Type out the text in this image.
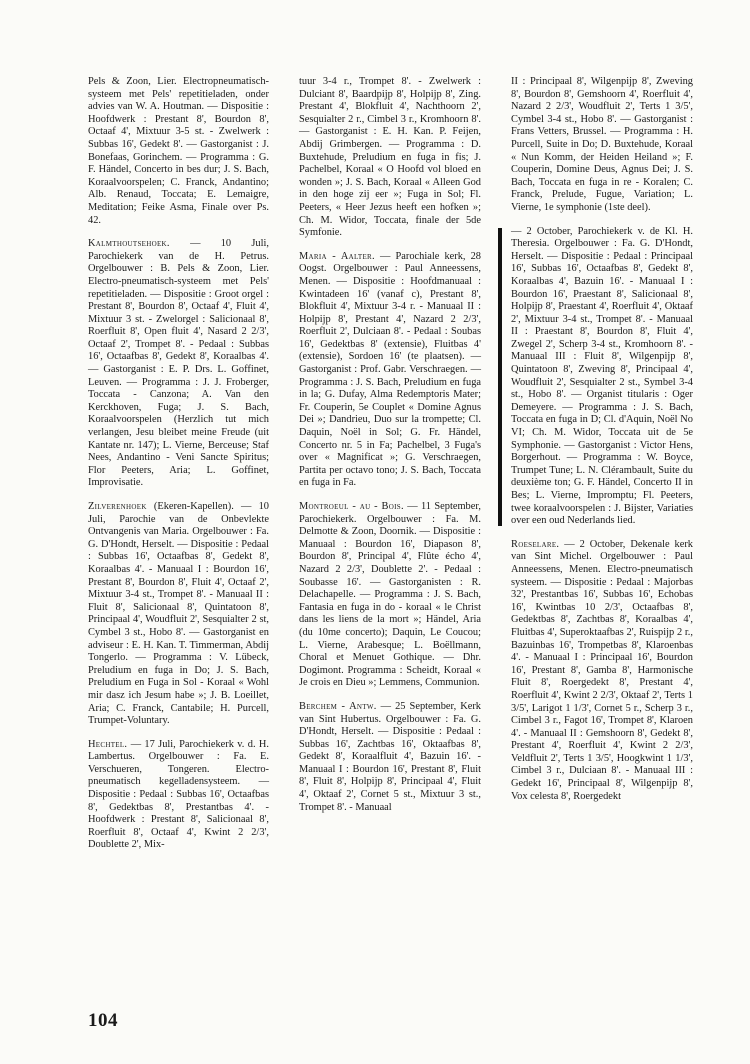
Pels & Zoon, Lier. Electropneumatisch-systeem met Pels' repetitieladen, onder advies van W. A. Houtman. — Dispositie : Hoofdwerk : Prestant 8', Bourdon 8', Octaaf 4', Mixtuur 3-5 st. - Zwelwerk : Subbas 16', Gedekt 8'. — Gastorganist : J. Bonefaas, Gorinchem. — Programma : G. F. Händel, Concerto in bes dur; J. S. Bach, Koraalvoorspelen; C. Franck, Andantino; Alb. Renaud, Toccata; E. Lemaigre, Meditation; Feike Asma, Finale over Ps. 42.

Kalmthoutsehoek. — 10 Juli, Parochiekerk van de H. Petrus. Orgelbouwer : B. Pels & Zoon, Lier. Electro-pneumatisch-systeem met Pels' repetitieladen. — Dispositie : Groot orgel : Prestant 8', Bourdon 8', Octaaf 4', Fluit 4', Mixtuur 3 st. - Zwelorgel : Salicionaal 8', Roerfluit 8', Open fluit 4', Nasard 2 2/3', Octaaf 2', Trompet 8'. - Pedaal : Subbas 16', Octaafbas 8', Gedekt 8', Koraalbas 4'. — Gastorganist : E. P. Drs. L. Goffinet, Leuven. — Programma : J. J. Froberger, Toccata - Canzona; A. Van den Kerckhoven, Fuga; J. S. Bach, Koraalvoorspelen (Herzlich tut mich verlangen, Jesu bleibet meine Freude (uit Kantate nr. 147); L. Vierne, Berceuse; Staf Nees, Andantino - Veni Sancte Spiritus; Flor Peeters, Aria; L. Goffinet, Improvisatie.

Zilverenhoek (Ekeren-Kapellen). — 10 Juli, Parochie van de Onbevlekte Ontvangenis van Maria. Orgelbouwer : Fa. G. D'Hondt, Herselt. — Dispositie : Pedaal : Subbas 16', Octaafbas 8', Gedekt 8', Koraalbas 4'. - Manuaal I : Bourdon 16', Prestant 8', Bourdon 8', Fluit 4', Octaaf 2', Mixtuur 3-4 st., Trompet 8'. - Manuaal II : Fluit 8', Salicionaal 8', Quintatoon 8', Principaal 4', Woudfluit 2', Sesquialter 2 st, Cymbel 3 st., Hobo 8'. — Gastorganist en adviseur : E. H. Kan. T. Timmerman, Abdij Tongerlo. — Programma : V. Lübeck, Preludium en fuga in Do; J. S. Bach, Preludium en Fuga in Sol - Koraal « Wohl mir dasz ich Jesum habe »; J. B. Loeillet, Aria; C. Franck, Cantabile; H. Purcell, Trumpet-Voluntary.

Hechtel. — 17 Juli, Parochiekerk v. d. H. Lambertus. Orgelbouwer : Fa. E. Verschueren, Tongeren. Electro-pneumatisch kegelladensysteem. — Dispositie : Pedaal : Subbas 16', Octaafbas 8', Gedektbas 8', Prestantbas 4'. - Hoofdwerk : Prestant 8', Salicionaal 8', Roerfluit 8', Octaaf 4', Kwint 2 2/3', Doublette 2', Mix-

tuur 3-4 r., Trompet 8'. - Zwelwerk : Dulciant 8', Baardpijp 8', Holpijp 8', Zing. Prestant 4', Blokfluit 4', Nachthoorn 2', Sesquialter 2 r., Cimbel 3 r., Kromhoorn 8'. — Gastorganist : E. H. Kan. P. Feijen, Abdij Grimbergen. — Programma : D. Buxtehude, Preludium en fuga in fis; J. Pachelbel, Koraal « O Hoofd vol bloed en wonden »; J. S. Bach, Koraal « Alleen God in den hoge zij eer »; Fuga in Sol; Fl. Peeters, « Heer Jezus heeft een hofken »; Ch. M. Widor, Toccata, finale der 5de Symfonie.

Maria - Aalter. — Parochiale kerk, 28 Oogst. Orgelbouwer : Paul Anneessens, Menen. — Dispositie : Hoofdmanuaal : Kwintadeen 16' (vanaf c), Prestant 8', Blokfluit 4', Mixtuur 3-4 r. - Manuaal II : Holpijp 8', Prestant 4', Nazard 2 2/3', Roerfluit 2', Dulciaan 8'. - Pedaal : Soubas 16', Gedektbas 8' (extensie), Fluitbas 4' (extensie), Sordoen 16' (te plaatsen). — Gastorganist : Prof. Gabr. Verschraegen. — Programma : J. S. Bach, Preludium en fuga in la; G. Dufay, Alma Redemptoris Mater; Fr. Couperin, 5e Couplet « Domine Agnus Dei »; Dandrieu, Duo sur la trompette; Cl. Daquin, Noël in Sol; G. Fr. Händel, Concerto nr. 5 in Fa; Pachelbel, 3 Fuga's over « Magnificat »; G. Verschraegen, Partita per octavo tono; J. S. Bach, Toccata en fuga in Fa.

Montroeul - au - Bois. — 11 September, Parochiekerk. Orgelbouwer : Fa. M. Delmotte & Zoon, Doornik. — Dispositie : Manuaal : Bourdon 16', Diapason 8', Bourdon 8', Principal 4', Flûte écho 4', Nazard 2 2/3', Doublette 2'. - Pedaal : Soubasse 16'. — Gastorganisten : R. Delachapelle. — Programma : J. S. Bach, Fantasia en fuga in do - koraal « le Christ dans les liens de la mort »; Händel, Aria (du 10me concerto); Daquin, Le Coucou; L. Vierne, Arabesque; L. Boëllmann, Choral et Menuet Gothique. — Dhr. Dogimont. Programma : Scheidt, Koraal « Je crois en Dieu »; Lemmens, Communion.

Berchem - Antw. — 25 September, Kerk van Sint Hubertus. Orgelbouwer : Fa. G. D'Hondt, Herselt. — Dispositie : Pedaal : Subbas 16', Zachtbas 16', Oktaafbas 8', Gedekt 8', Koraalfluit 4', Bazuin 16'. - Manuaal I : Bourdon 16', Prestant 8', Fluit 8', Fluit 8', Holpijp 8', Principaal 4', Fluit 4', Oktaaf 2', Cornet 5 st., Mixtuur 3 st., Trompet 8'. - Manuaal

II : Principaal 8', Wilgenpijp 8', Zweving 8', Bourdon 8', Gemshoorn 4', Roerfluit 4', Nazard 2 2/3', Woudfluit 2', Terts 1 3/5', Cymbel 3-4 st., Hobo 8'. — Gastorganist : Frans Vetters, Brussel. — Programma : H. Purcell, Suite in Do; D. Buxtehude, Koraal « Nun Komm, der Heiden Heiland »; F. Couperin, Domine Deus, Agnus Dei; J. S. Bach, Toccata en fuga in re - Koralen; C. Franck, Prelude, Fugue, Variation; L. Vierne, 1e symphonie (1ste deel).

— 2 October, Parochiekerk v. de Kl. H. Theresia. Orgelbouwer : Fa. G. D'Hondt, Herselt. — Dispositie : Pedaal : Principaal 16', Subbas 16', Octaafbas 8', Gedekt 8', Koraalbas 4', Bazuin 16'. - Manuaal I : Bourdon 16', Praestant 8', Salicionaal 8', Holpijp 8', Praestant 4', Roerfluit 4', Oktaaf 2', Mixtuur 3-4 st., Trompet 8'. - Manuaal II : Praestant 8', Bourdon 8', Fluit 4', Zwegel 2', Scherp 3-4 st., Kromhoorn 8'. - Manuaal III : Fluit 8', Wilgenpijp 8', Quintatoon 8', Zweving 8', Principaal 4', Woudfluit 2', Sesquialter 2 st., Symbel 3-4 st., Hobo 8'. — Organist titularis : Oger Demeyere. — Programma : J. S. Bach, Toccata en fuga in D; Cl. d'Aquin, Noël No VI; Ch. M. Widor, Toccata uit de 5e Symphonie. — Gastorganist : Victor Hens, Borgerhout. — Programma : W. Boyce, Trumpet Tune; L. N. Clérambault, Suite du deuxième ton; G. F. Händel, Concerto II in Bes; L. Vierne, Impromptu; Fl. Peeters, twee koraalvoorspelen : J. Bijster, Variaties over een oud Nederlands lied.

Roeselare. — 2 October, Dekenale kerk van Sint Michel. Orgelbouwer : Paul Anneessens, Menen. Electro-pneumatisch systeem. — Dispositie : Pedaal : Majorbas 32', Prestantbas 16', Subbas 16', Echobas 16', Kwintbas 10 2/3', Octaafbas 8', Gedektbas 8', Zachtbas 8', Koraalbas 4', Fluitbas 4', Superoktaafbas 2', Ruispijp 2 r., Bazuinbas 16', Trompetbas 8', Klaroenbas 4'. - Manuaal I : Principaal 16', Bourdon 16', Prestant 8', Gamba 8', Harmonische Fluit 8', Roergedekt 8', Prestant 4', Roerfluit 4', Kwint 2 2/3', Oktaaf 2', Terts 1 3/5', Larigot 1 1/3', Cornet 5 r., Scherp 3 r., Cimbel 3 r., Fagot 16', Trompet 8', Klaroen 4'. - Manuaal II : Gemshoorn 8', Gedekt 8', Prestant 4', Roerfluit 4', Kwint 2 2/3', Veldfluit 2', Terts 1 3/5', Hoogkwint 1 1/3', Cimbel 3 r., Dulciaan 8'. - Manuaal III : Gedekt 16', Principaal 8', Wilgenpijp 8', Vox celesta 8', Roergedekt

104
